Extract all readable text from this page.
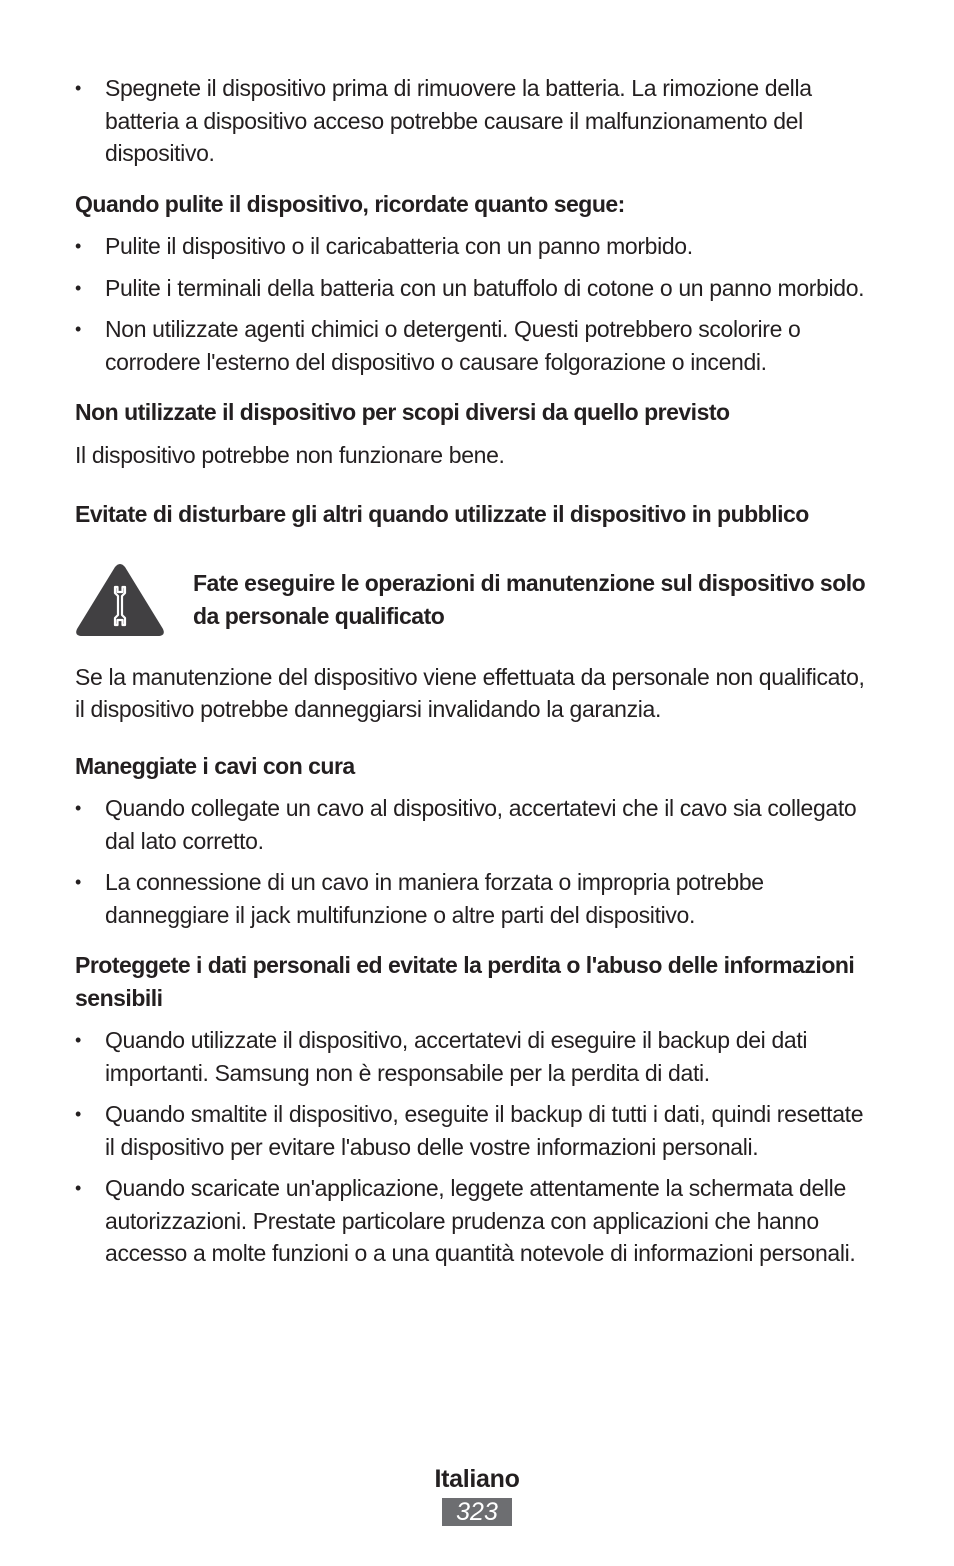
• Spegnete il dispositivo prima di rimuovere la batteria. La rimozione della batteria a dispositivo acceso potrebbe causare il malfunzionamento del dispositivo.

Quando pulite il dispositivo, ricordate quanto segue:

• Pulite il dispositivo o il caricabatteria con un panno morbido.
• Pulite i terminali della batteria con un batuffolo di cotone o un panno morbido.
• Non utilizzate agenti chimici o detergenti. Questi potrebbero scolorire o corrodere l'esterno del dispositivo o causare folgorazione o incendi.

Non utilizzate il dispositivo per scopi diversi da quello previsto

Il dispositivo potrebbe non funzionare bene.

Evitate di disturbare gli altri quando utilizzate il dispositivo in pubblico

Fate eseguire le operazioni di manutenzione sul dispositivo solo da personale qualificato

Se la manutenzione del dispositivo viene effettuata da personale non qualificato, il dispositivo potrebbe danneggiarsi invalidando la garanzia.

Maneggiate i cavi con cura

• Quando collegate un cavo al dispositivo, accertatevi che il cavo sia collegato dal lato corretto.
• La connessione di un cavo in maniera forzata o impropria potrebbe danneggiare il jack multifunzione o altre parti del dispositivo.

Proteggete i dati personali ed evitate la perdita o l'abuso delle informazioni sensibili

• Quando utilizzate il dispositivo, accertatevi di eseguire il backup dei dati importanti. Samsung non è responsabile per la perdita di dati.
• Quando smaltite il dispositivo, eseguite il backup di tutti i dati, quindi resettate il dispositivo per evitare l'abuso delle vostre informazioni personali.
• Quando scaricate un'applicazione, leggete attentamente la schermata delle autorizzazioni. Prestate particolare prudenza con applicazioni che hanno accesso a molte funzioni o a una quantità notevole di informazioni personali.
Italiano
323
